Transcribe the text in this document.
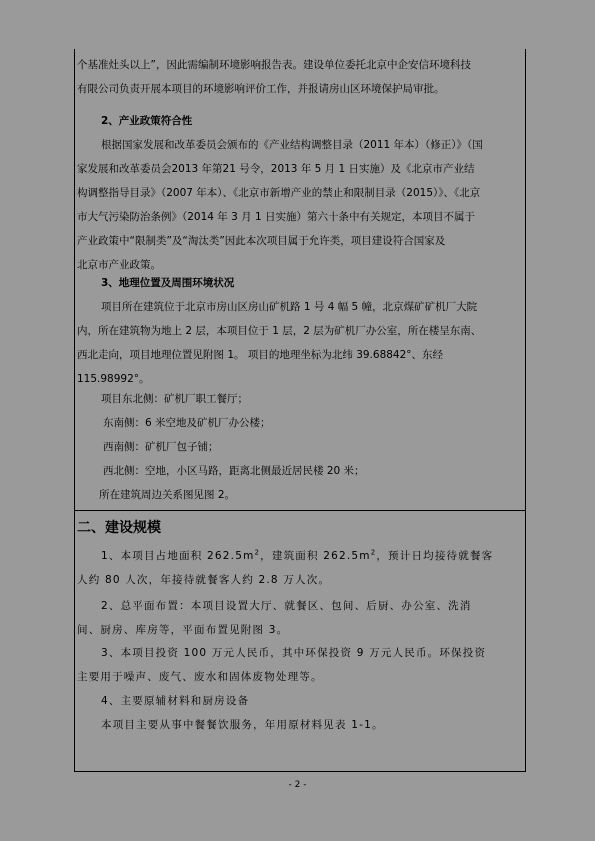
个基准灶头以上”，因此需编制环境影响报告表。建设单位委托北京中企安信环境科技
有限公司负责开展本项目的环境影响评价工作，并报请房山区环境保护局审批。
2、产业政策符合性
根据国家发展和改革委员会颁布的《产业结构调整目录（2011 年本）（修正）》（国
家发展和改革委员会2013 年第21 号令，2013 年 5 月 1 日实施）及《北京市产业结
构调整指导目录》（2007 年本）、《北京市新增产业的禁止和限制目录（2015）》、《北京
市大气污染防治条例》（2014 年 3 月 1 日实施）第六十条中有关规定，本项目不属于
产业政策中“限制类”及“淘汰类”因此本次项目属于允许类，项目建设符合国家及
北京市产业政策。
3、地理位置及周围环境状况
项目所在建筑位于北京市房山区房山矿机路 1 号 4 幅 5 幢，北京煤矿矿机厂大院
内，所在建筑物为地上 2 层，本项目位于 1 层，2 层为矿机厂办公室，所在楼呈东南、
西北走向，项目地理位置见附图 1。 项目的地理坐标为北纬 39.68842°、东经
115.98992°。
项目东北侧：矿机厂职工餐厅；
东南侧：6 米空地及矿机厂办公楼；
西南侧：矿机厂包子铺；
西北侧：空地，小区马路，距离北侧最近居民楼 20 米；
所在建筑周边关系图见图 2。
二、建设规模
1、本项目占地面积 $262.5m^2$，建筑面积 $262.5m^2$，预计日均接待就餐客
人约 80 人次，年接待就餐客人约 2.8 万人次。
2、总平面布置：本项目设置大厅、就餐区、包间、后厨、办公室、洗消
间、厨房、库房等，平面布置见附图 3。
3、本项目投资 100 万元人民币，其中环保投资 9 万元人民币。环保投资
主要用于噪声、废气、废水和固体废物处理等。
4、主要原辅材料和厨房设备
本项目主要从事中餐餐饮服务，年用原材料见表 1-1。
- 2 -
